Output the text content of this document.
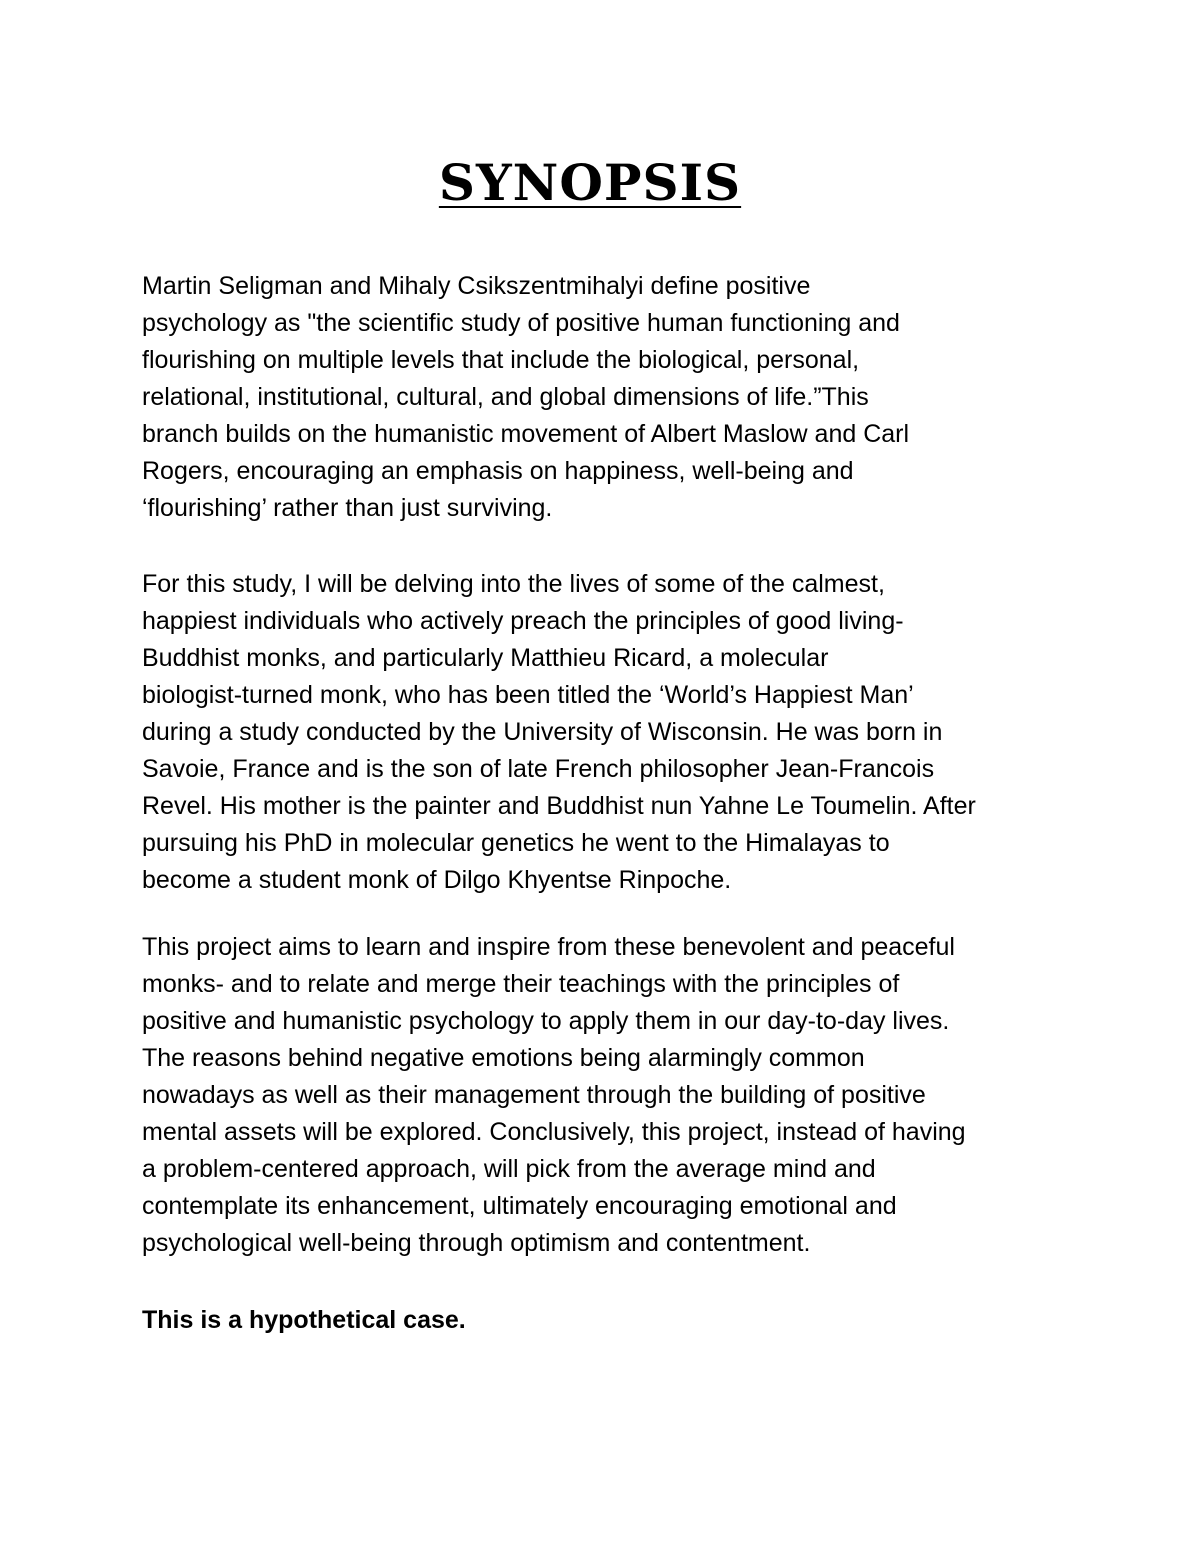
SYNOPSIS

Martin Seligman and Mihaly Csikszentmihalyi define positive
psychology as "the scientific study of positive human functioning and
flourishing on multiple levels that include the biological, personal,
relational, institutional, cultural, and global dimensions of life.”This
branch builds on the humanistic movement of Albert Maslow and Carl
Rogers, encouraging an emphasis on happiness, well-being and
‘flourishing’ rather than just surviving.

For this study, I will be delving into the lives of some of the calmest,
happiest individuals who actively preach the principles of good living-
Buddhist monks, and particularly Matthieu Ricard, a molecular
biologist-turned monk, who has been titled the ‘World’s Happiest Man’
during a study conducted by the University of Wisconsin. He was born in
Savoie, France and is the son of late French philosopher Jean-Francois
Revel. His mother is the painter and Buddhist nun Yahne Le Toumelin. After
pursuing his PhD in molecular genetics he went to the Himalayas to
become a student monk of Dilgo Khyentse Rinpoche.

This project aims to learn and inspire from these benevolent and peaceful
monks- and to relate and merge their teachings with the principles of
positive and humanistic psychology to apply them in our day-to-day lives.
The reasons behind negative emotions being alarmingly common
nowadays as well as their management through the building of positive
mental assets will be explored. Conclusively, this project, instead of having
a problem-centered approach, will pick from the average mind and
contemplate its enhancement, ultimately encouraging emotional and
psychological well-being through optimism and contentment.

This is a hypothetical case.
